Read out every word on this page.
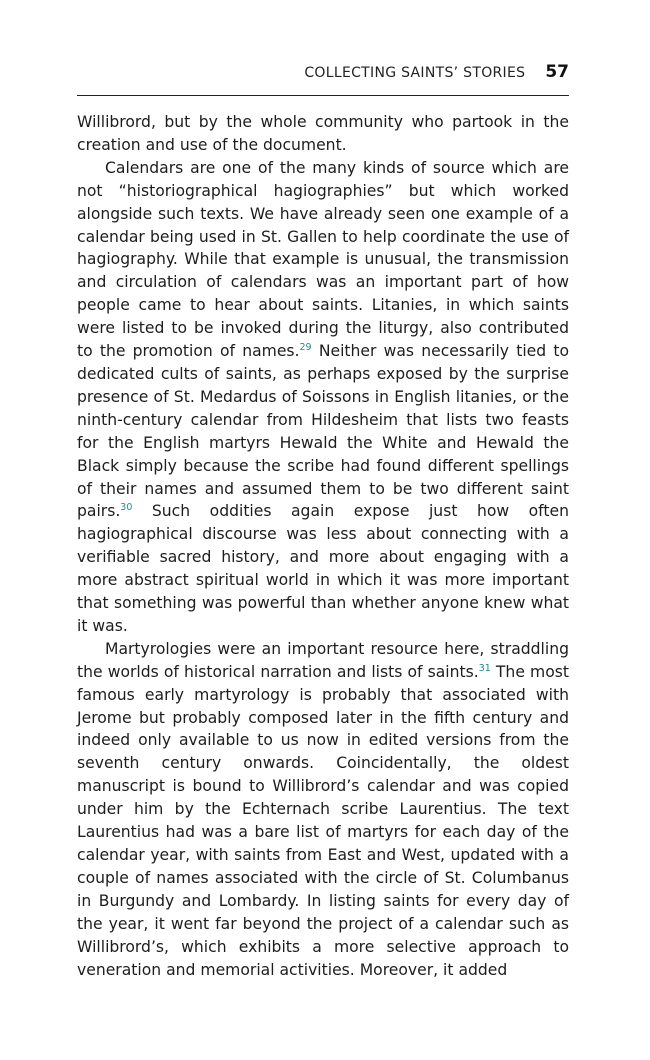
COLLECTING SAINTS’ STORIES 57

Willibrord, but by the whole community who partook in the creation and use of the document.

Calendars are one of the many kinds of source which are not “historiographical hagiographies” but which worked alongside such texts. We have already seen one example of a calendar being used in St. Gallen to help coordinate the use of hagiography. While that example is unusual, the transmission and circulation of calendars was an important part of how people came to hear about saints. Litanies, in which saints were listed to be invoked during the liturgy, also contributed to the promotion of names.$^{29}$ Neither was necessarily tied to dedicated cults of saints, as perhaps exposed by the surprise presence of St. Medardus of Soissons in English litanies, or the ninth-century calendar from Hildesheim that lists two feasts for the English martyrs Hewald the White and Hewald the Black simply because the scribe had found different spellings of their names and assumed them to be two different saint pairs.$^{30}$ Such oddities again expose just how often hagiographical discourse was less about connecting with a verifiable sacred history, and more about engaging with a more abstract spiritual world in which it was more important that something was powerful than whether anyone knew what it was.

Martyrologies were an important resource here, straddling the worlds of historical narration and lists of saints.$^{31}$ The most famous early martyrology is probably that associated with Jerome but probably composed later in the fifth century and indeed only available to us now in edited versions from the seventh century onwards. Coincidentally, the oldest manuscript is bound to Willibrord’s calendar and was copied under him by the Echternach scribe Laurentius. The text Laurentius had was a bare list of martyrs for each day of the calendar year, with saints from East and West, updated with a couple of names associated with the circle of St. Columbanus in Burgundy and Lombardy. In listing saints for every day of the year, it went far beyond the project of a calendar such as Willibrord’s, which exhibits a more selective approach to veneration and memorial activities. Moreover, it added
